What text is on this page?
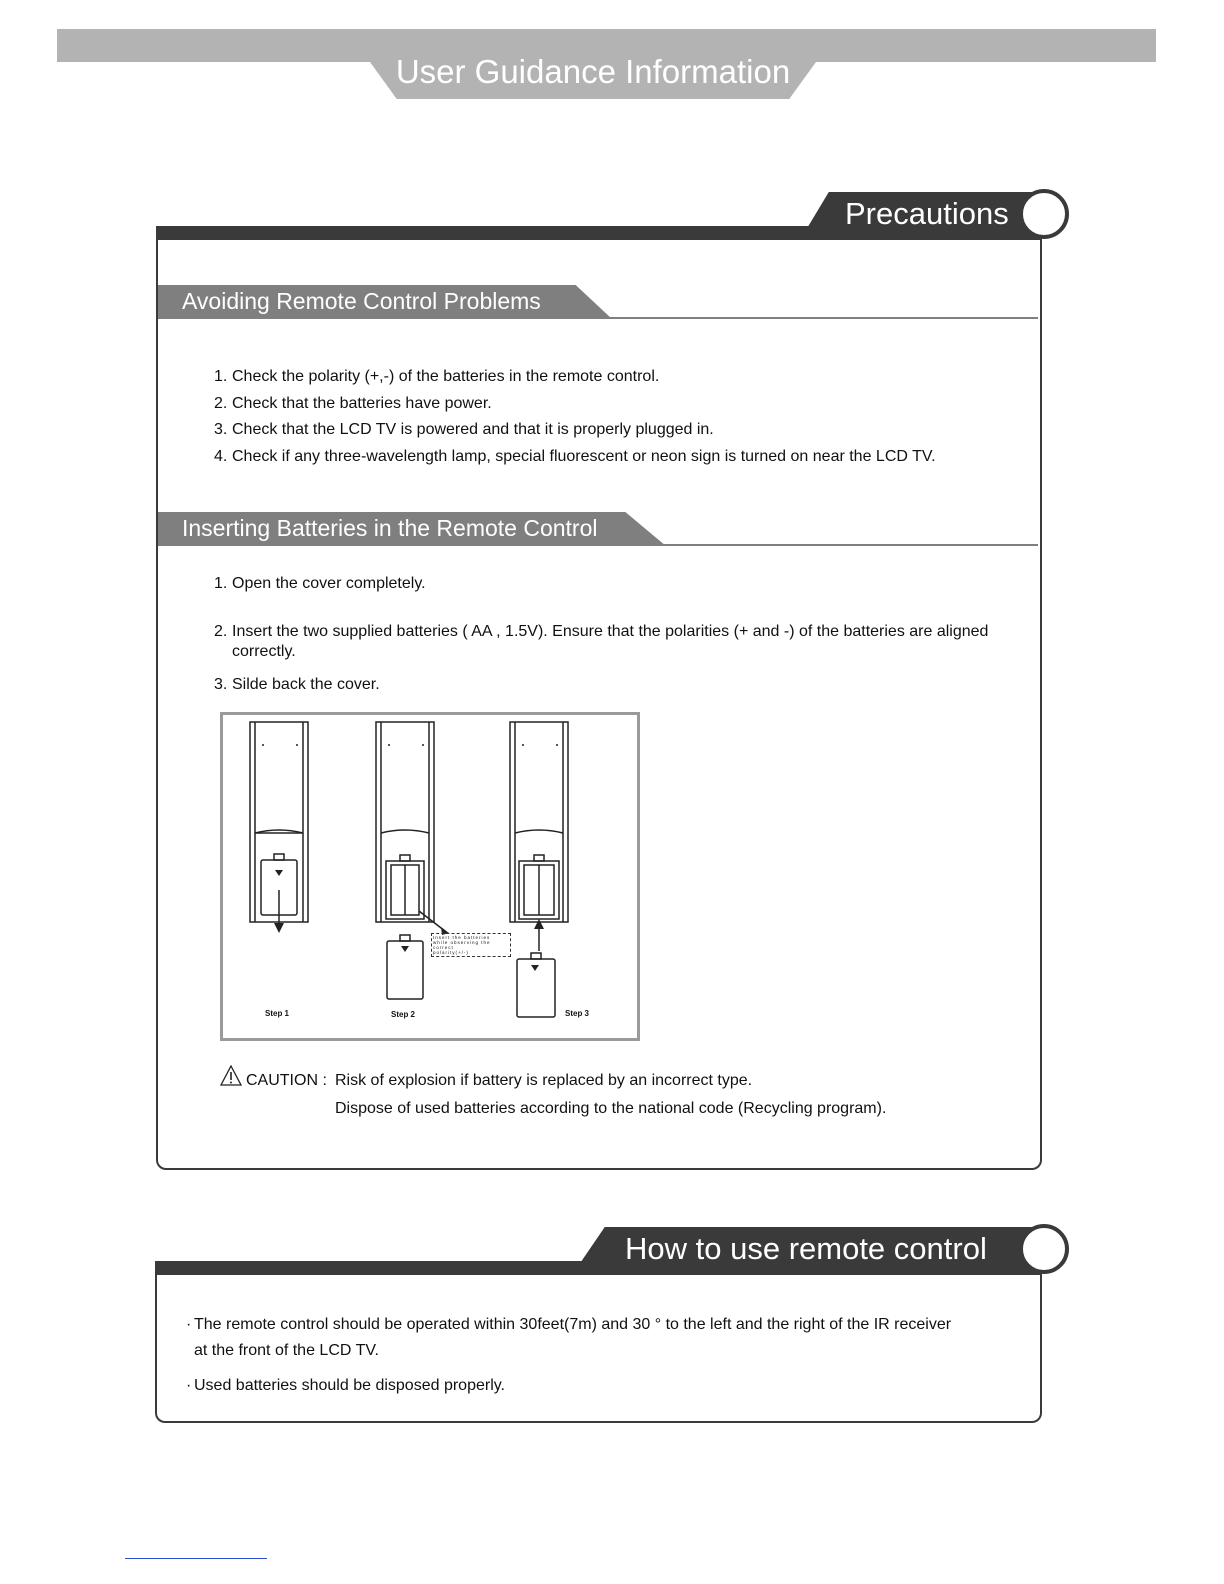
User Guidance Information
Precautions
Avoiding Remote Control Problems
1. Check the polarity (+,-) of the batteries in the remote control.
2. Check that the batteries have power.
3. Check that the LCD TV is powered and that it is properly plugged in.
4. Check if any three-wavelength lamp, special fluorescent or neon sign is turned on near the LCD TV.
Inserting Batteries in the Remote Control
1. Open the cover completely.
2. Insert the two supplied batteries ( AA , 1.5V). Ensure that the polarities (+ and -) of the batteries are aligned
correctly.
3. Silde back the cover.
Step 1	Step 2	Step 3
Insert the batteries
while observing the correct
polarity(+/-)
CAUTION : Risk of explosion if battery is replaced by an incorrect type.
Dispose of used batteries according to the national code (Recycling program).
How to use remote control
· The remote control should be operated within 30feet(7m) and 30 ° to the left and the right of the IR receiver
at the front of the LCD TV.
· Used batteries should be disposed properly.
